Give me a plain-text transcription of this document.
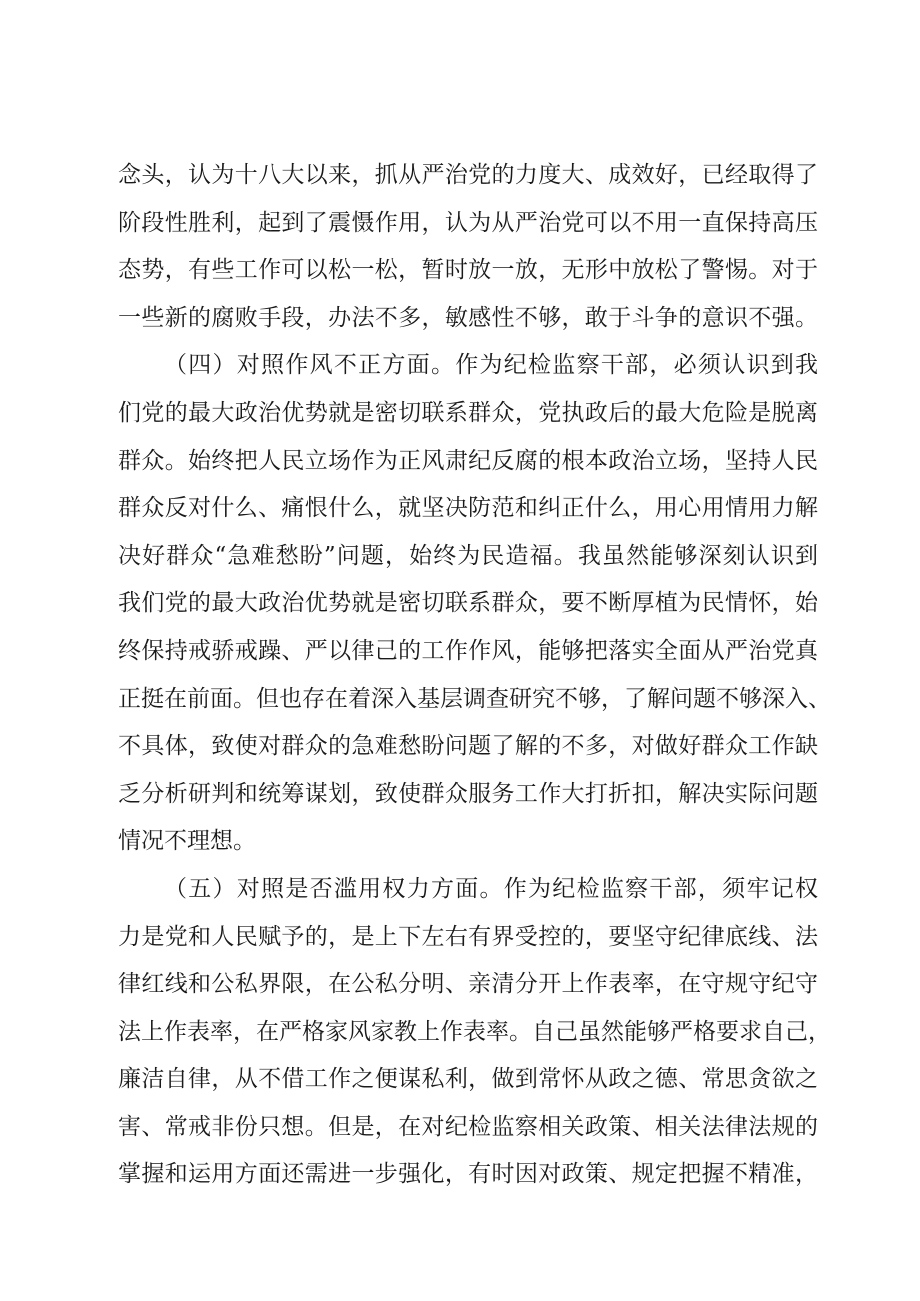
念头，认为十八大以来，抓从严治党的力度大、成效好，已经取得了
阶段性胜利，起到了震慑作用，认为从严治党可以不用一直保持高压
态势，有些工作可以松一松，暂时放一放，无形中放松了警惕。对于
一些新的腐败手段，办法不多，敏感性不够，敢于斗争的意识不强。
（四）对照作风不正方面。作为纪检监察干部，必须认识到我
们党的最大政治优势就是密切联系群众，党执政后的最大危险是脱离
群众。始终把人民立场作为正风肃纪反腐的根本政治立场，坚持人民
群众反对什么、痛恨什么，就坚决防范和纠正什么，用心用情用力解
决好群众“急难愁盼”问题，始终为民造福。我虽然能够深刻认识到
我们党的最大政治优势就是密切联系群众，要不断厚植为民情怀，始
终保持戒骄戒躁、严以律己的工作作风，能够把落实全面从严治党真
正挺在前面。但也存在着深入基层调查研究不够，了解问题不够深入、
不具体，致使对群众的急难愁盼问题了解的不多，对做好群众工作缺
乏分析研判和统筹谋划，致使群众服务工作大打折扣，解决实际问题
情况不理想。
（五）对照是否滥用权力方面。作为纪检监察干部，须牢记权
力是党和人民赋予的，是上下左右有界受控的，要坚守纪律底线、法
律红线和公私界限，在公私分明、亲清分开上作表率，在守规守纪守
法上作表率，在严格家风家教上作表率。自己虽然能够严格要求自己，
廉洁自律，从不借工作之便谋私利，做到常怀从政之德、常思贪欲之
害、常戒非份只想。但是，在对纪检监察相关政策、相关法律法规的
掌握和运用方面还需进一步强化，有时因对政策、规定把握不精准，
